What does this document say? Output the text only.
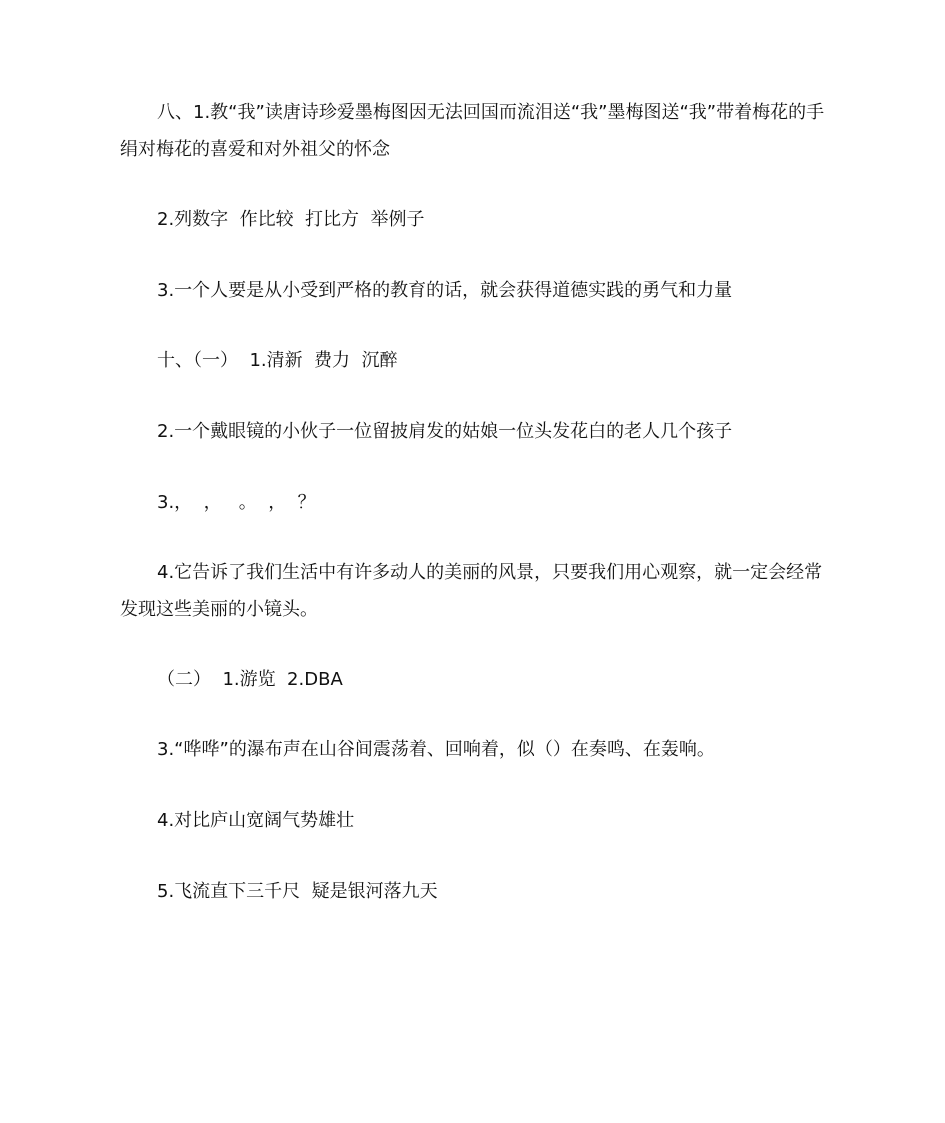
八、1.教“我”读唐诗珍爱墨梅图因无法回国而流泪送“我”墨梅图送“我”带着梅花的手绢对梅花的喜爱和对外祖父的怀念

2.列数字  作比较  打比方  举例子

3.一个人要是从小受到严格的教育的话，就会获得道德实践的勇气和力量

十、（一）  1.清新  费力  沉醉

2.一个戴眼镜的小伙子一位留披肩发的姑娘一位头发花白的老人几个孩子

3.，  ，   。  ，  ？

4.它告诉了我们生活中有许多动人的美丽的风景，只要我们用心观察，就一定会经常发现这些美丽的小镜头。

（二）  1.游览  2.DBA

3.“哗哗”的瀑布声在山谷间震荡着、回响着，似（）在奏鸣、在轰响。

4.对比庐山宽阔气势雄壮

5.飞流直下三千尺  疑是银河落九天
